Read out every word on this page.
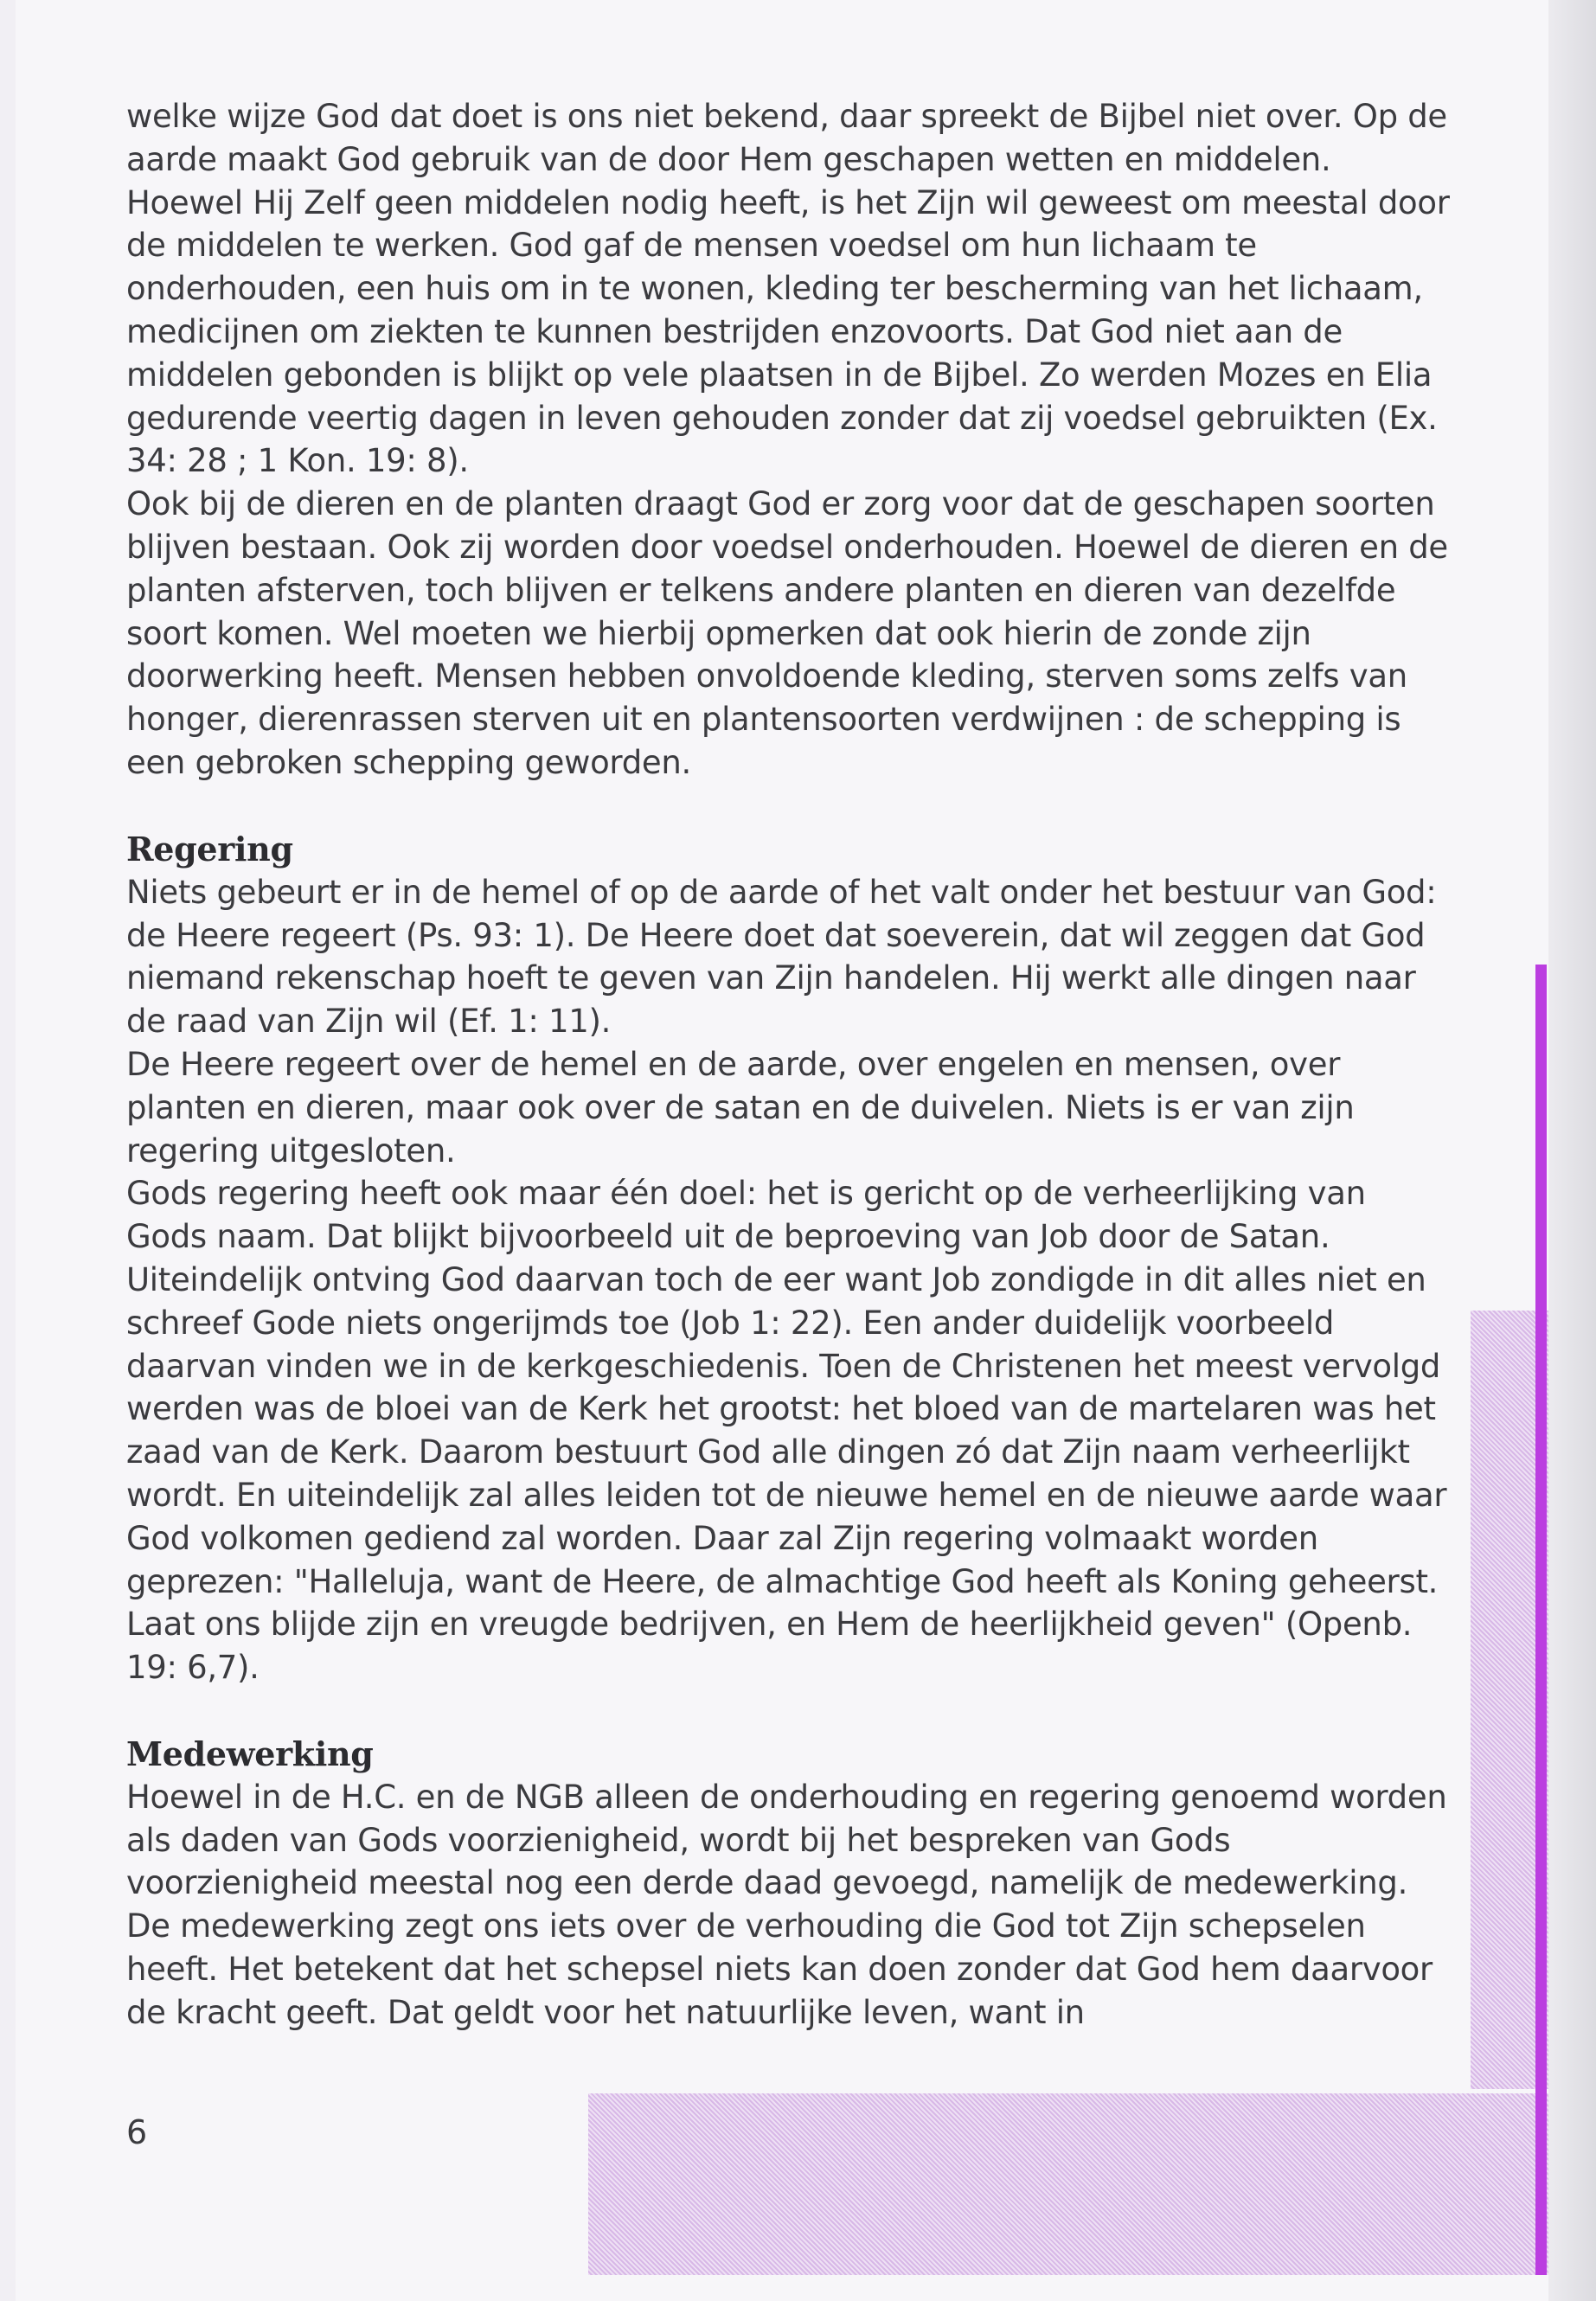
welke wijze God dat doet is ons niet bekend, daar spreekt de Bijbel niet over. Op de aarde maakt God gebruik van de door Hem geschapen wetten en middelen. Hoewel Hij Zelf geen middelen nodig heeft, is het Zijn wil geweest om meestal door de middelen te werken. God gaf de mensen voedsel om hun lichaam te onderhouden, een huis om in te wonen, kleding ter bescherming van het lichaam, medicijnen om ziekten te kunnen bestrijden enzovoorts. Dat God niet aan de middelen gebonden is blijkt op vele plaatsen in de Bijbel. Zo werden Mozes en Elia gedurende veertig dagen in leven gehouden zonder dat zij voedsel gebruikten (Ex. 34: 28 ; 1 Kon. 19: 8).

Ook bij de dieren en de planten draagt God er zorg voor dat de geschapen soorten blijven bestaan. Ook zij worden door voedsel onderhouden. Hoewel de dieren en de planten afsterven, toch blijven er telkens andere planten en dieren van dezelfde soort komen. Wel moeten we hierbij opmerken dat ook hierin de zonde zijn doorwerking heeft. Mensen hebben onvoldoende kleding, sterven soms zelfs van honger, dierenrassen sterven uit en plantensoorten verdwijnen : de schepping is een gebroken schepping geworden.

Regering

Niets gebeurt er in de hemel of op de aarde of het valt onder het bestuur van God: de Heere regeert (Ps. 93: 1). De Heere doet dat soeverein, dat wil zeggen dat God niemand rekenschap hoeft te geven van Zijn handelen. Hij werkt alle dingen naar de raad van Zijn wil (Ef. 1: 11).

De Heere regeert over de hemel en de aarde, over engelen en mensen, over planten en dieren, maar ook over de satan en de duivelen. Niets is er van zijn regering uitgesloten.

Gods regering heeft ook maar één doel: het is gericht op de verheerlijking van Gods naam. Dat blijkt bijvoorbeeld uit de beproeving van Job door de Satan. Uiteindelijk ontving God daarvan toch de eer want Job zondigde in dit alles niet en schreef Gode niets ongerijmds toe (Job 1: 22). Een ander duidelijk voorbeeld daarvan vinden we in de kerkgeschiedenis. Toen de Christenen het meest vervolgd werden was de bloei van de Kerk het grootst: het bloed van de martelaren was het zaad van de Kerk. Daarom bestuurt God alle dingen zó dat Zijn naam verheerlijkt wordt. En uiteindelijk zal alles leiden tot de nieuwe hemel en de nieuwe aarde waar God volkomen gediend zal worden. Daar zal Zijn regering volmaakt worden geprezen: "Halleluja, want de Heere, de almachtige God heeft als Koning geheerst. Laat ons blijde zijn en vreugde bedrijven, en Hem de heerlijkheid geven" (Openb. 19: 6,7).

Medewerking

Hoewel in de H.C. en de NGB alleen de onderhouding en regering genoemd worden als daden van Gods voorzienigheid, wordt bij het bespreken van Gods voorzienigheid meestal nog een derde daad gevoegd, namelijk de medewerking.

De medewerking zegt ons iets over de verhouding die God tot Zijn schepselen heeft. Het betekent dat het schepsel niets kan doen zonder dat God hem daarvoor de kracht geeft. Dat geldt voor het natuurlijke leven, want in

6
